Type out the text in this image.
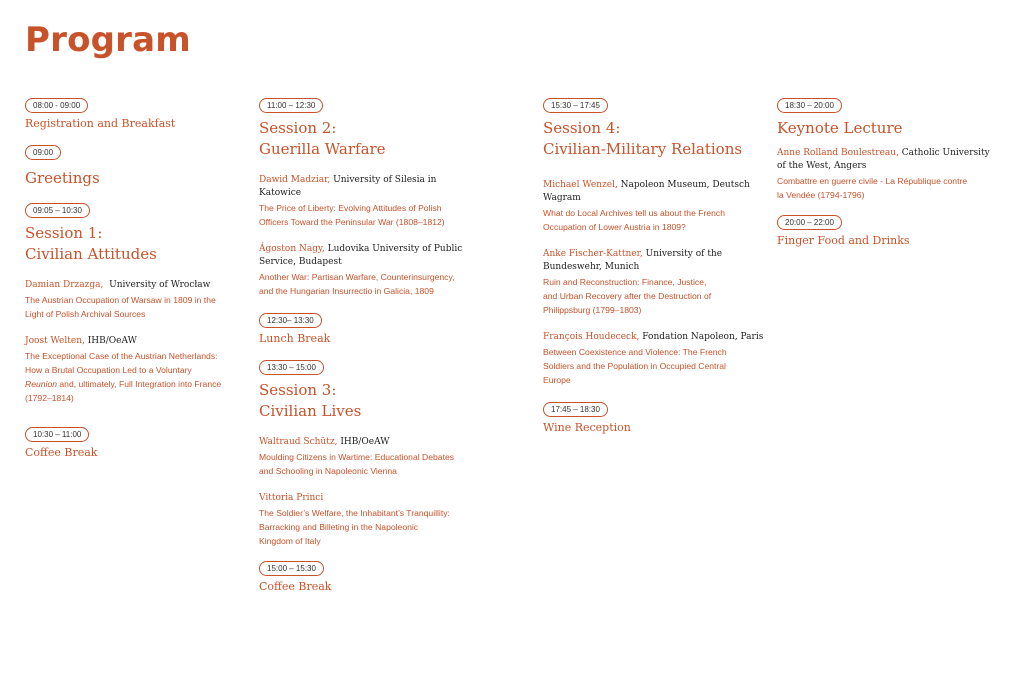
Program
08:00 - 09:00
Registration and Breakfast
09:00
Greetings
09:05 – 10:30
Session 1:
Civilian Attitudes
Damian Drzazga, University of Wrocław
The Austrian Occupation of Warsaw in 1809 in the
Light of Polish Archival Sources
Joost Welten, IHB/OeAW
The Exceptional Case of the Austrian Netherlands:
How a Brutal Occupation Led to a Voluntary
Reunion and, ultimately, Full Integration into France
(1792–1814)
10:30 – 11:00
Coffee Break
11:00 – 12:30
Session 2:
Guerilla Warfare
Dawid Madziar, University of Silesia in
Katowice
The Price of Liberty: Evolving Attitudes of Polish
Officers Toward the Peninsular War (1808–1812)
Ágoston Nagy, Ludovika University of Public
Service, Budapest
Another War: Partisan Warfare, Counterinsurgency,
and the Hungarian Insurrectio in Galicia, 1809
12:30– 13:30
Lunch Break
13:30 – 15:00
Session 3:
Civilian Lives
Waltraud Schütz, IHB/OeAW
Moulding Citizens in Wartime: Educational Debates
and Schooling in Napoleonic Vienna
Vittoria Princi
The Soldier’s Welfare, the Inhabitant’s Tranquillity:
Barracking and Billeting in the Napoleonic
Kingdom of Italy
15:00 – 15:30
Coffee Break
15:30 – 17:45
Session 4:
Civilian-Military Relations
Michael Wenzel, Napoleon Museum, Deutsch
Wagram
What do Local Archives tell us about the French
Occupation of Lower Austria in 1809?
Anke Fischer-Kattner, University of the
Bundeswehr, Munich
Ruin and Reconstruction: Finance, Justice,
and Urban Recovery after the Destruction of
Philippsburg (1799–1803)
François Houdececk, Fondation Napoleon, Paris
Between Coexistence and Violence: The French
Soldiers and the Population in Occupied Central
Europe
17:45 – 18:30
Wine Reception
18:30 – 20:00
Keynote Lecture
Anne Rolland Boulestreau, Catholic University
of the West, Angers
Combattre en guerre civile - La République contre
la Vendée (1794-1796)
20:00 – 22:00
Finger Food and Drinks
